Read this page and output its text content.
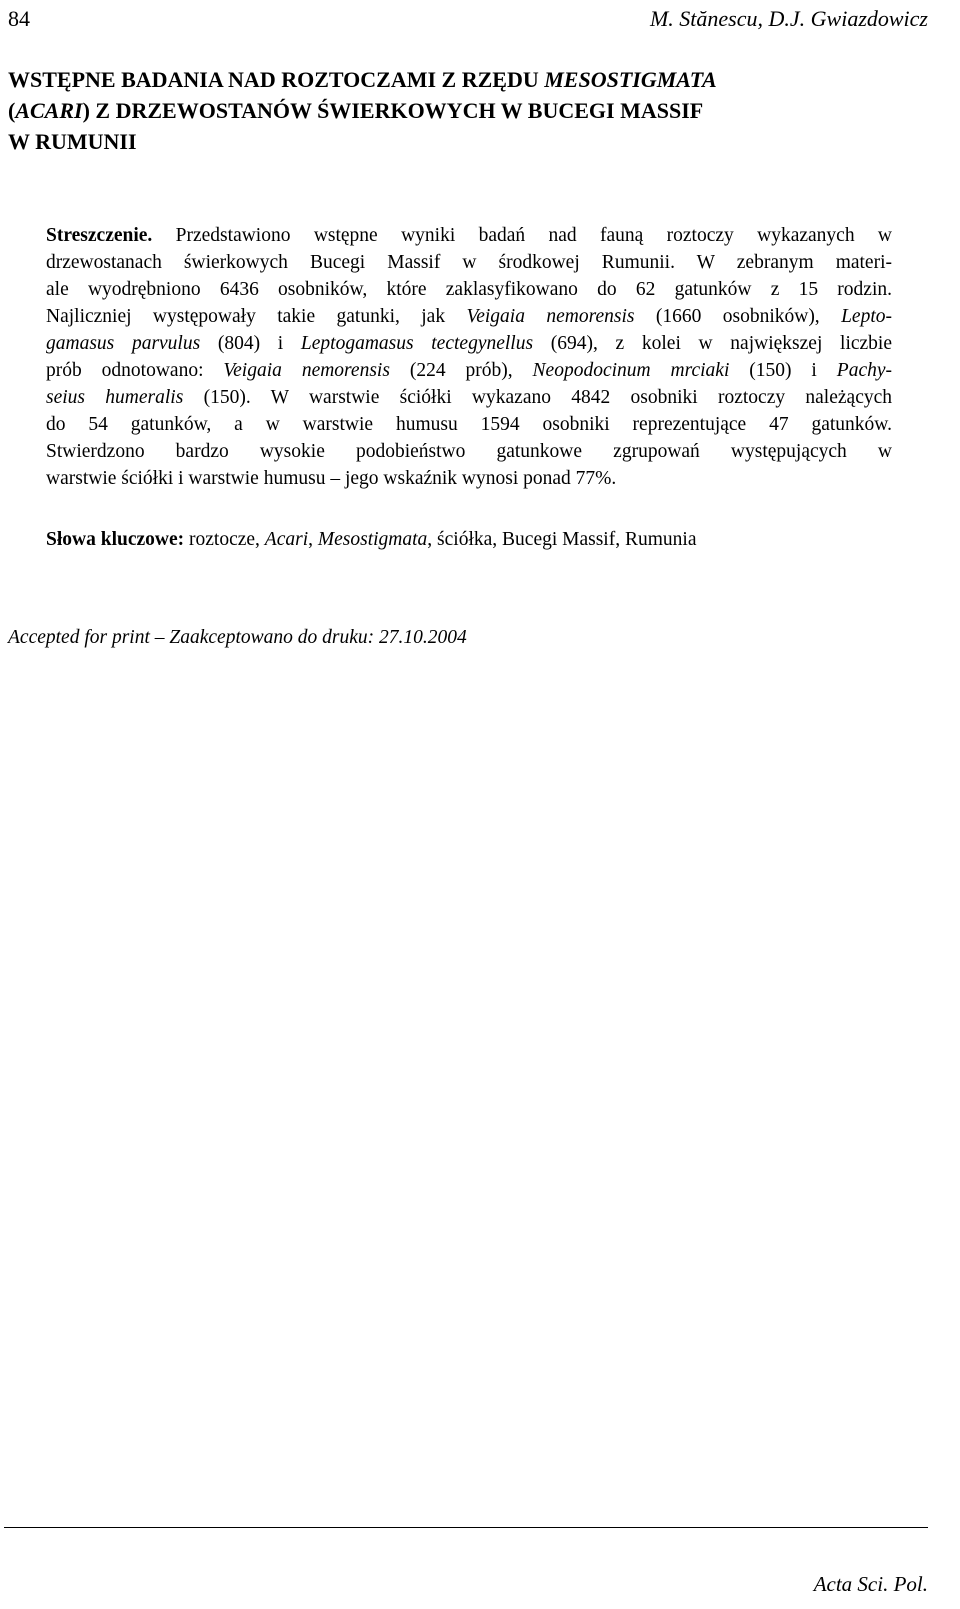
84	M. Stănescu, D.J. Gwiazdowicz
WSTĘPNE BADANIA NAD ROZTOCZAMI Z RZĘDU MESOSTIGMATA
(ACARI) Z DRZEWOSTANÓW ŚWIERKOWYCH W BUCEGI MASSIF
W RUMUNII
Streszczenie. Przedstawiono wstępne wyniki badań nad fauną roztoczy wykazanych w
drzewostanach świerkowych Bucegi Massif w środkowej Rumunii. W zebranym materi-
ale wyodrębniono 6436 osobników, które zaklasyfikowano do 62 gatunków z 15 rodzin.
Najliczniej występowały takie gatunki, jak Veigaia nemorensis (1660 osobników), Lepto-
gamasus parvulus (804) i Leptogamasus tectegynellus (694), z kolei w największej liczbie
prób odnotowano: Veigaia nemorensis (224 prób), Neopodocinum mrciaki (150) i Pachy-
seius humeralis (150). W warstwie ściółki wykazano 4842 osobniki roztoczy należących
do 54 gatunków, a w warstwie humusu 1594 osobniki reprezentujące 47 gatunków.
Stwierdzono bardzo wysokie podobieństwo gatunkowe zgrupowań występujących w
warstwie ściółki i warstwie humusu – jego wskaźnik wynosi ponad 77%.

Słowa kluczowe: roztocze, Acari, Mesostigmata, ściółka, Bucegi Massif, Rumunia

Accepted for print – Zaakceptowano do druku: 27.10.2004

Acta Sci. Pol.
